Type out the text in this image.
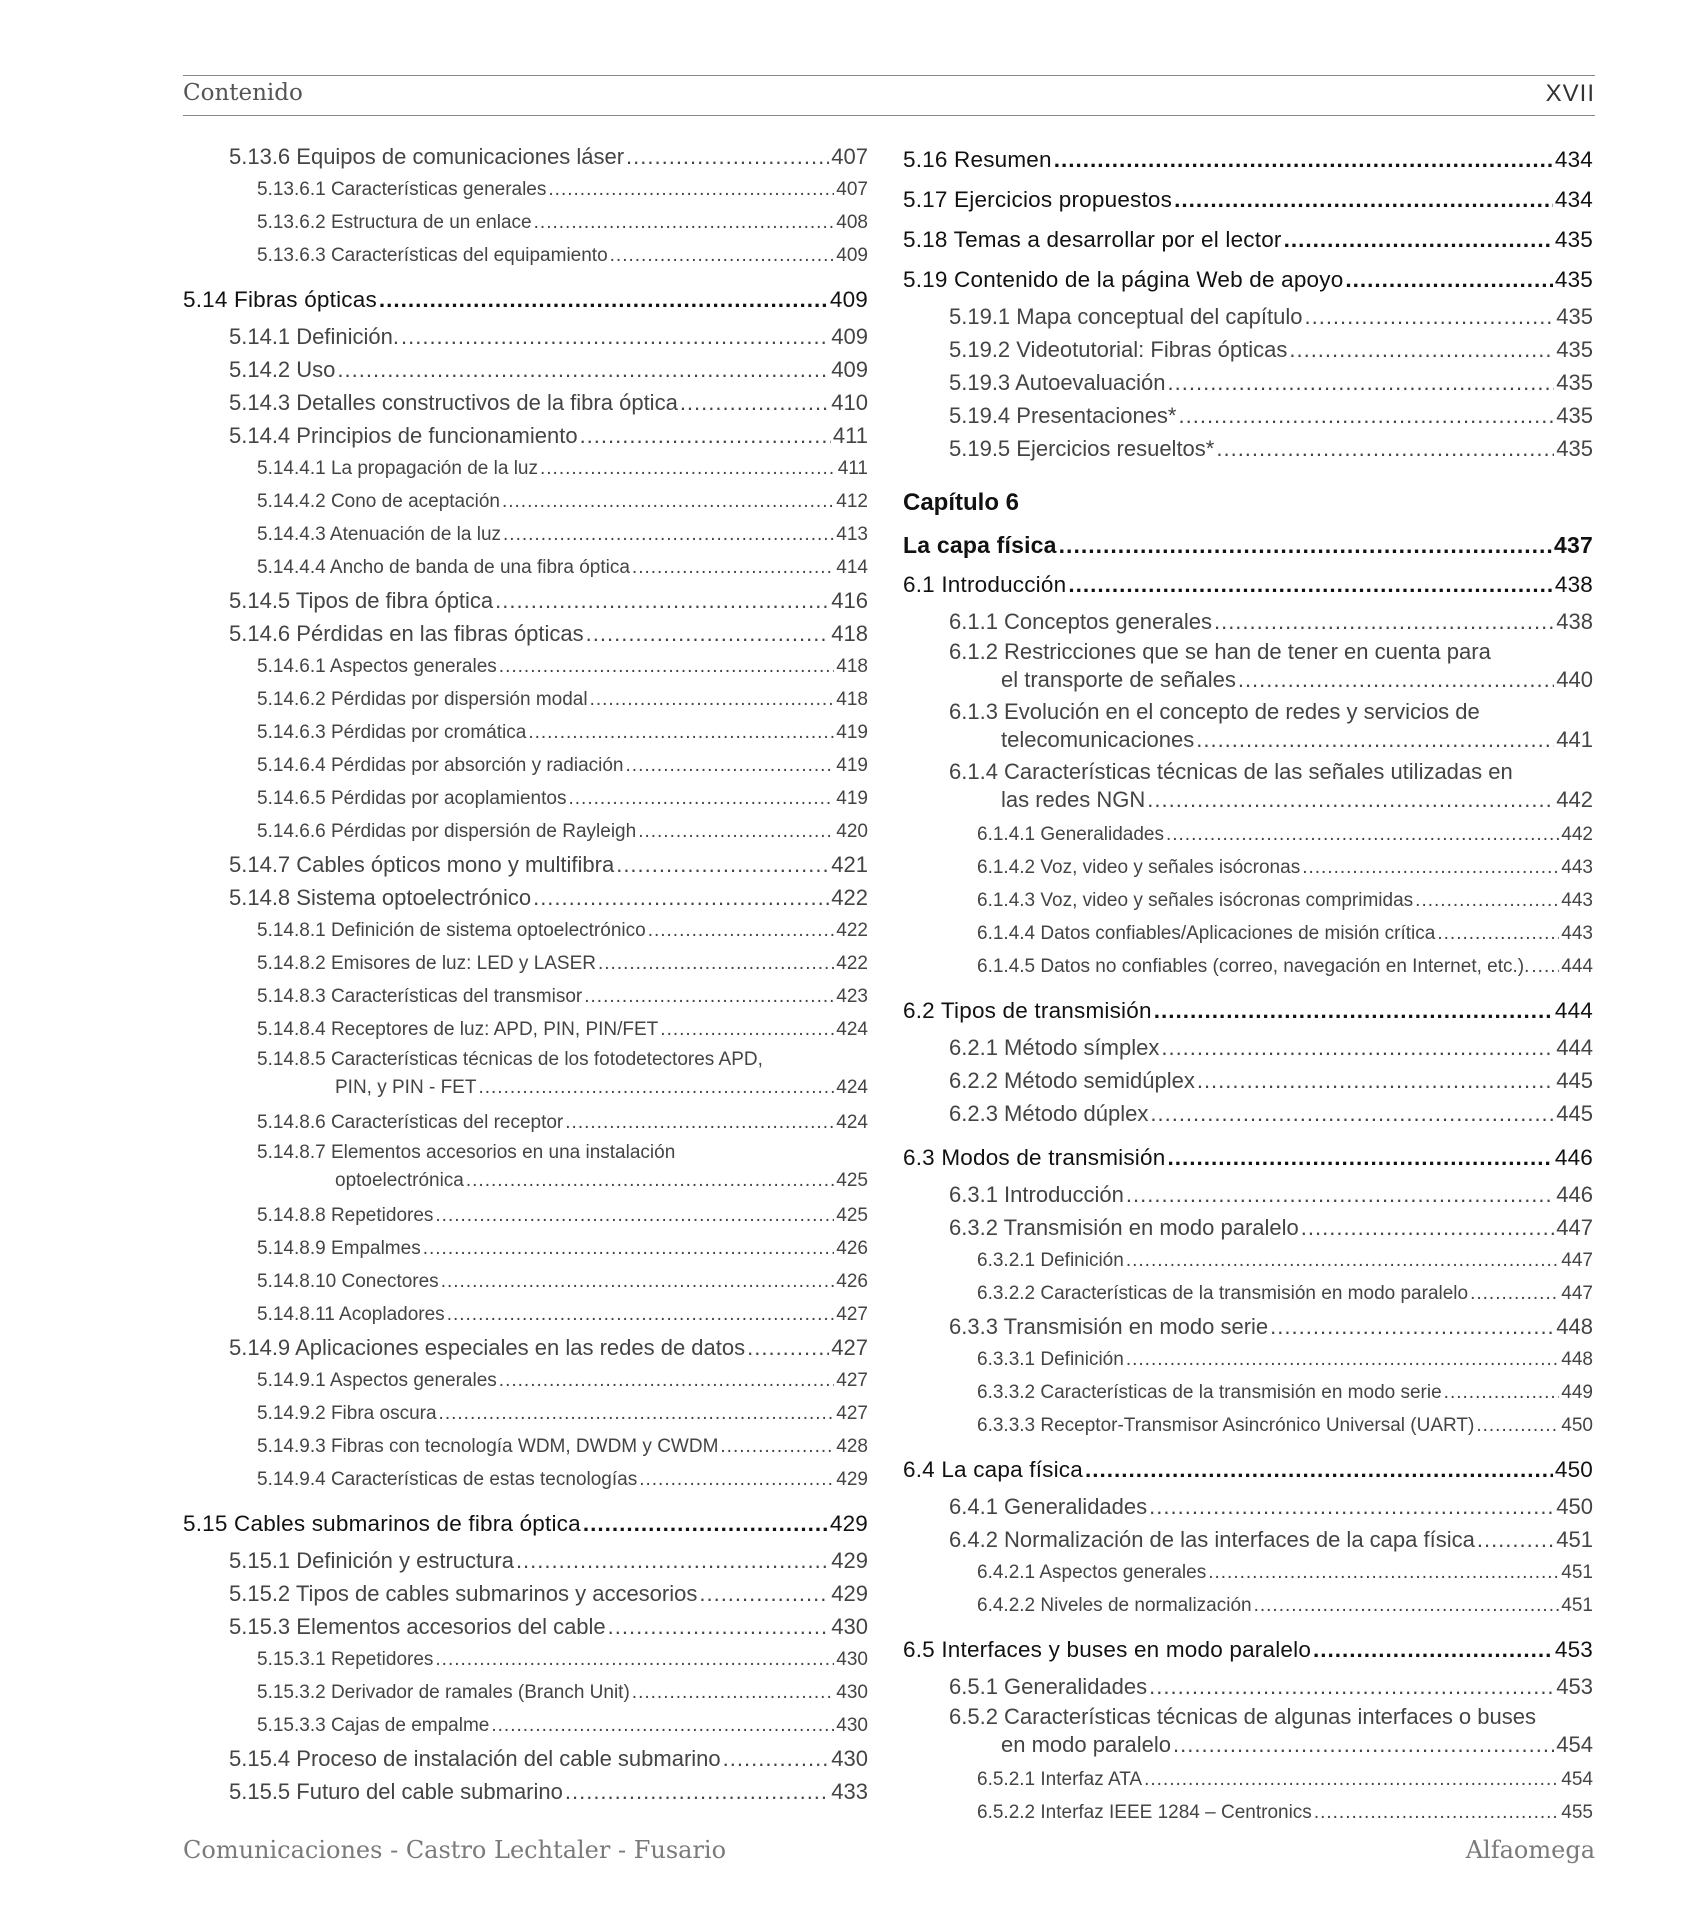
Contenido	XVII
5.13.6 Equipos de comunicaciones láser .....	407
5.13.6.1 Características generales .....	407
5.13.6.2 Estructura de un enlace .....	408
5.13.6.3 Características del equipamiento .....	409
5.14 Fibras ópticas .....	409
5.14.1 Definición. .....	409
5.14.2 Uso .....	409
5.14.3 Detalles constructivos de la fibra óptica .....	410
5.14.4 Principios de funcionamiento .....	411
5.14.4.1 La propagación de la luz .....	411
5.14.4.2 Cono de aceptación .....	412
5.14.4.3 Atenuación de la luz .....	413
5.14.4.4 Ancho de banda de una fibra óptica .....	414
5.14.5 Tipos de fibra óptica .....	416
5.14.6 Pérdidas en las fibras ópticas .....	418
5.14.6.1 Aspectos generales .....	418
5.14.6.2 Pérdidas por dispersión modal .....	418
5.14.6.3 Pérdidas por cromática .....	419
5.14.6.4 Pérdidas por absorción y radiación .....	419
5.14.6.5 Pérdidas por acoplamientos .....	419
5.14.6.6 Pérdidas por dispersión de Rayleigh .....	420
5.14.7 Cables ópticos mono y multifibra .....	421
5.14.8 Sistema optoelectrónico .....	422
5.14.8.1 Definición de sistema optoelectrónico .....	422
5.14.8.2 Emisores de luz: LED y LASER .....	422
5.14.8.3 Características del transmisor .....	423
5.14.8.4 Receptores de luz: APD, PIN, PIN/FET .....	424
5.14.8.5 Características técnicas de los fotodetectores APD,
PIN, y PIN - FET .....	424
5.14.8.6 Características del receptor .....	424
5.14.8.7 Elementos accesorios en una instalación
optoelectrónica .....	425
5.14.8.8 Repetidores .....	425
5.14.8.9 Empalmes .....	426
5.14.8.10 Conectores .....	426
5.14.8.11 Acopladores .....	427
5.14.9 Aplicaciones especiales en las redes de datos .....	427
5.14.9.1 Aspectos generales .....	427
5.14.9.2 Fibra oscura .....	427
5.14.9.3 Fibras con tecnología WDM, DWDM y CWDM .....	428
5.14.9.4 Características de estas tecnologías .....	429
5.15 Cables submarinos de fibra óptica .....	429
5.15.1 Definición y estructura .....	429
5.15.2 Tipos de cables submarinos y accesorios .....	429
5.15.3 Elementos accesorios del cable .....	430
5.15.3.1 Repetidores .....	430
5.15.3.2 Derivador de ramales (Branch Unit) .....	430
5.15.3.3 Cajas de empalme .....	430
5.15.4 Proceso de instalación del cable submarino .....	430
5.15.5 Futuro del cable submarino .....	433
5.16 Resumen .....	434
5.17 Ejercicios propuestos .....	434
5.18 Temas a desarrollar por el lector .....	435
5.19 Contenido de la página Web de apoyo .....	435
5.19.1 Mapa conceptual del capítulo .....	435
5.19.2 Videotutorial: Fibras ópticas .....	435
5.19.3 Autoevaluación .....	435
5.19.4 Presentaciones* .....	435
5.19.5 Ejercicios resueltos* .....	435
Capítulo 6
La capa física .....	437
6.1 Introducción .....	438
6.1.1 Conceptos generales .....	438
6.1.2 Restricciones que se han de tener en cuenta para
el transporte de señales .....	440
6.1.3 Evolución en el concepto de redes y servicios de
telecomunicaciones .....	441
6.1.4 Características técnicas de las señales utilizadas en
las redes NGN .....	442
6.1.4.1 Generalidades .....	442
6.1.4.2 Voz, video y señales isócronas .....	443
6.1.4.3 Voz, video y señales isócronas comprimidas .....	443
6.1.4.4 Datos confiables/Aplicaciones de misión crítica .....	443
6.1.4.5 Datos no confiables (correo, navegación en Internet, etc.). ..... 444
6.2 Tipos de transmisión .....	444
6.2.1 Método símplex .....	444
6.2.2 Método semidúplex .....	445
6.2.3 Método dúplex .....	445
6.3 Modos de transmisión .....	446
6.3.1 Introducción .....	446
6.3.2 Transmisión en modo paralelo .....	447
6.3.2.1 Definición .....	447
6.3.2.2 Características de la transmisión en modo paralelo .....	447
6.3.3 Transmisión en modo serie .....	448
6.3.3.1 Definición .....	448
6.3.3.2 Características de la transmisión en modo serie .....	449
6.3.3.3 Receptor-Transmisor Asincrónico Universal (UART) .....	450
6.4 La capa física .....	450
6.4.1 Generalidades .....	450
6.4.2 Normalización de las interfaces de la capa física .....	451
6.4.2.1 Aspectos generales .....	451
6.4.2.2 Niveles de normalización .....	451
6.5 Interfaces y buses en modo paralelo .....	453
6.5.1 Generalidades .....	453
6.5.2 Características técnicas de algunas interfaces o buses
en modo paralelo .....	454
6.5.2.1 Interfaz ATA .....	454
6.5.2.2 Interfaz IEEE 1284 – Centronics .....	455
Comunicaciones - Castro Lechtaler - Fusario	Alfaomega
